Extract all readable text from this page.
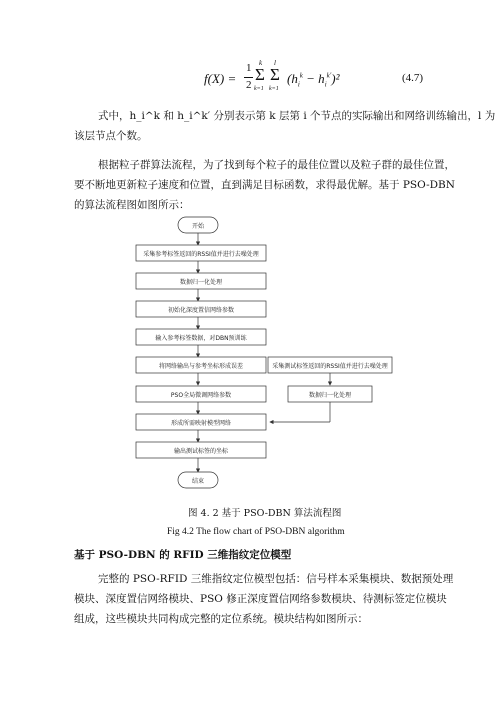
f(X) =
1
2
k
Σ
k=1
l
Σ
k=1
$(h_i^k - h_i^{k'})^2$	(4.7)
式中，h_i^k 和 h_i^k′ 分别表示第 k 层第 i 个节点的实际输出和网络训练输出，l 为
该层节点个数。
根据粒子群算法流程，为了找到每个粒子的最佳位置以及粒子群的最佳位置，
要不断地更新粒子速度和位置，直到满足目标函数，求得最优解。基于 PSO-DBN
的算法流程图如图所示：
开始
采集参考标签返回的RSSI值并进行去噪处理
数据归一化处理
初始化深度置信网络参数
输入参考标签数据，对DBN预训练
将网络输出与参考坐标形成误差
PSO全局微调网络参数
形成所需映射模型网络
输出测试标签的坐标
结束
采集测试标签返回的RSSI值并进行去噪处理
数据归一化处理
图 4. 2 基于 PSO-DBN 算法流程图
Fig 4.2 The flow chart of PSO-DBN algorithm
基于 PSO-DBN 的 RFID 三维指纹定位模型
完整的 PSO-RFID 三维指纹定位模型包括：信号样本采集模块、数据预处理
模块、深度置信网络模块、PSO 修正深度置信网络参数模块、待测标签定位模块
组成，这些模块共同构成完整的定位系统。模块结构如图所示：
